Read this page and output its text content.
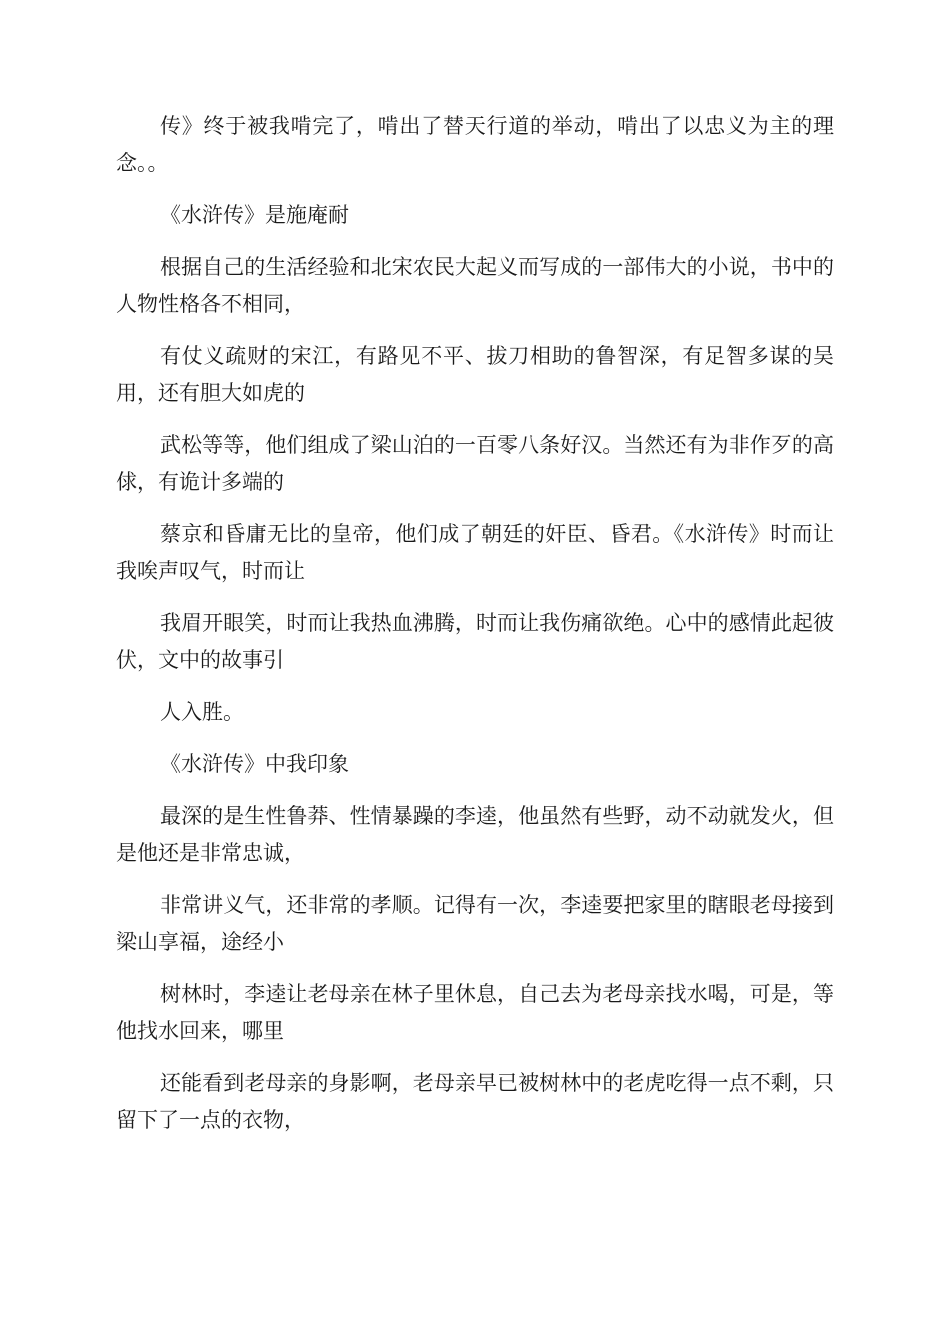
传》终于被我啃完了，啃出了替天行道的举动，啃出了以忠义为主的理念。。

《水浒传》是施庵耐

根据自己的生活经验和北宋农民大起义而写成的一部伟大的小说，书中的人物性格各不相同，

有仗义疏财的宋江，有路见不平、拔刀相助的鲁智深，有足智多谋的吴用，还有胆大如虎的

武松等等，他们组成了梁山泊的一百零八条好汉。当然还有为非作歹的高俅，有诡计多端的

蔡京和昏庸无比的皇帝，他们成了朝廷的奸臣、昏君。《水浒传》时而让我唉声叹气，时而让

我眉开眼笑，时而让我热血沸腾，时而让我伤痛欲绝。心中的感情此起彼伏，文中的故事引

人入胜。

《水浒传》中我印象

最深的是生性鲁莽、性情暴躁的李逵，他虽然有些野，动不动就发火，但是他还是非常忠诚，

非常讲义气，还非常的孝顺。记得有一次，李逵要把家里的瞎眼老母接到梁山享福，途经小

树林时，李逵让老母亲在林子里休息，自己去为老母亲找水喝，可是，等他找水回来，哪里

还能看到老母亲的身影啊，老母亲早已被树林中的老虎吃得一点不剩，只留下了一点的衣物，
